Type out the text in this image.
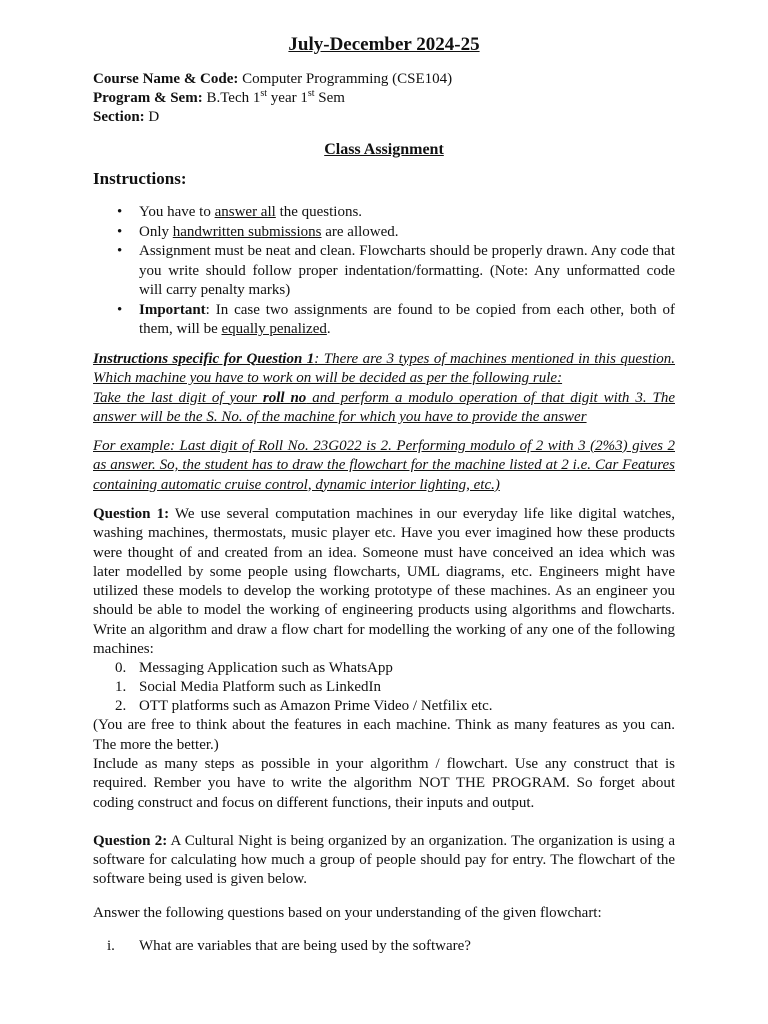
July-December 2024-25

Course Name & Code: Computer Programming (CSE104)

Program & Sem: B.Tech 1st year 1st Sem

Section: D

Class Assignment
Instructions:
• You have to answer all the questions.
• Only handwritten submissions are allowed.
• Assignment must be neat and clean. Flowcharts should be properly drawn. Any code that you write should follow proper indentation/formatting. (Note: Any unformatted code will carry penalty marks)
• Important: In case two assignments are found to be copied from each other, both of them, will be equally penalized.

Instructions specific for Question 1: There are 3 types of machines mentioned in this question. Which machine you have to work on will be decided as per the following rule:

Take the last digit of your roll no and perform a modulo operation of that digit with 3. The answer will be the S. No. of the machine for which you have to provide the answer

For example: Last digit of Roll No. 23G022 is 2. Performing modulo of 2 with 3 (2%3) gives 2 as answer. So, the student has to draw the flowchart for the machine listed at 2 i.e. Car Features containing automatic cruise control, dynamic interior lighting, etc.)

Question 1: We use several computation machines in our everyday life like digital watches, washing machines, thermostats, music player etc. Have you ever imagined how these products were thought of and created from an idea. Someone must have conceived an idea which was later modelled by some people using flowcharts, UML diagrams, etc. Engineers might have utilized these models to develop the working prototype of these machines. As an engineer you should be able to model the working of engineering products using algorithms and flowcharts. Write an algorithm and draw a flow chart for modelling the working of any one of the following machines:

0. Messaging Application such as WhatsApp
1. Social Media Platform such as LinkedIn
2. OTT platforms such as Amazon Prime Video / Netfilix etc.

(You are free to think about the features in each machine. Think as many features as you can. The more the better.)

Include as many steps as possible in your algorithm / flowchart. Use any construct that is required. Rember you have to write the algorithm NOT THE PROGRAM. So forget about coding construct and focus on different functions, their inputs and output.

Question 2: A Cultural Night is being organized by an organization. The organization is using a software for calculating how much a group of people should pay for entry. The flowchart of the software being used is given below.
Answer the following questions based on your understanding of the given flowchart:
i. What are variables that are being used by the software?
